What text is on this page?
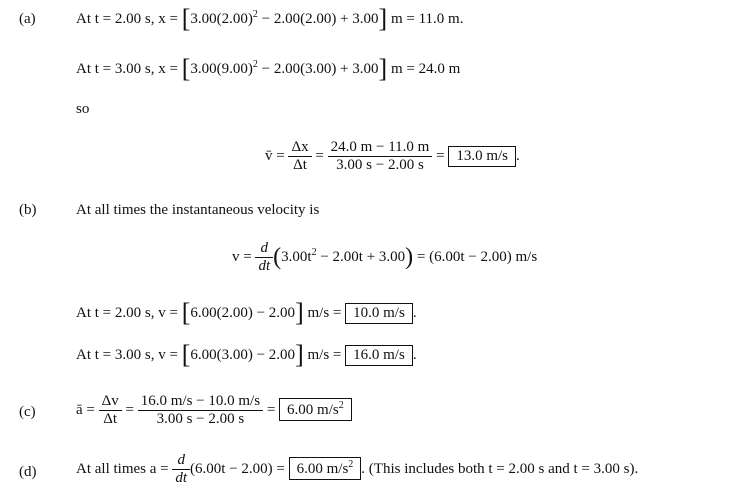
(a)	At t = 2.00 s, $x = [3.00(2.00)^2 - 2.00(2.00) + 3.00] m = 11.0$ m.
At t = 3.00 s, $x = [3.00(9.00)^2 - 2.00(3.00) + 3.00] m = 24.0$ m
so
v̄ = $\frac{\Delta x}{\Delta t} = \frac{24.0 m - 11.0 m}{3.00 s - 2.00 s} = 13.0$ m/s .
(b)	At all times the instantaneous velocity is
$v = \frac{d}{dt} (3.00t^2 - 2.00t + 3.00) = (6.00t - 2.00)$ m/s
At t = 2.00 s, v = [6.00(2.00) − 2.00] m/s = 10.0 m/s .
At t = 3.00 s, v = [6.00(3.00) − 2.00] m/s = 16.0 m/s .
(c)	ā = $\frac{\Delta v}{\Delta t} = \frac{16.0 m/s - 10.0 m/s}{3.00 s - 2.00 s} = 6.00$ $m/s^2$
(d)	At all times $a = \frac{d}{dt} (6.00t - 2.00) = 6.00$ $m/s^2$ . (This includes both t = 2.00 s and t = 3.00 s).
